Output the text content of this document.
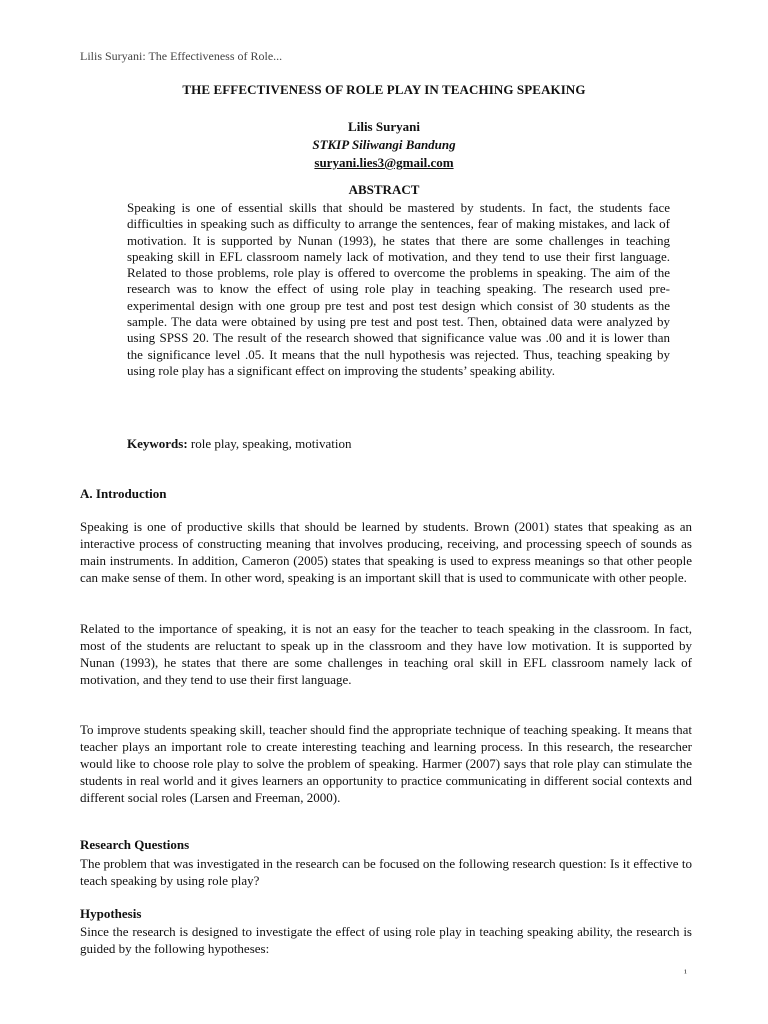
Lilis Suryani: The Effectiveness of Role...
THE EFFECTIVENESS OF ROLE PLAY IN TEACHING SPEAKING
Lilis Suryani
STKIP Siliwangi Bandung
suryani.lies3@gmail.com
ABSTRACT
Speaking is one of essential skills that should be mastered by students. In fact, the students face difficulties in speaking such as difficulty to arrange the sentences, fear of making mistakes, and lack of motivation. It is supported by Nunan (1993), he states that there are some challenges in teaching speaking skill in EFL classroom namely lack of motivation, and they tend to use their first language. Related to those problems, role play is offered to overcome the problems in speaking. The aim of the research was to know the effect of using role play in teaching speaking. The research used pre-experimental design with one group pre test and post test design which consist of 30 students as the sample. The data were obtained by using pre test and post test. Then, obtained data were analyzed by using SPSS 20. The result of the research showed that significance value was .00 and it is lower than the significance level .05. It means that the null hypothesis was rejected. Thus, teaching speaking by using role play has a significant effect on improving the students’ speaking ability.
Keywords: role play, speaking, motivation
A. Introduction
Speaking is one of productive skills that should be learned by students. Brown (2001) states that speaking as an interactive process of constructing meaning that involves producing, receiving, and processing speech of sounds as main instruments. In addition, Cameron (2005) states that speaking is used to express meanings so that other people can make sense of them. In other word, speaking is an important skill that is used to communicate with other people.
Related to the importance of speaking, it is not an easy for the teacher to teach speaking in the classroom. In fact, most of the students are reluctant to speak up in the classroom and they have low motivation. It is supported by Nunan (1993), he states that there are some challenges in teaching oral skill in EFL classroom namely lack of motivation, and they tend to use their first language.
To improve students speaking skill, teacher should find the appropriate technique of teaching speaking. It means that teacher plays an important role to create interesting teaching and learning process. In this research, the researcher would like to choose role play to solve the problem of speaking. Harmer (2007) says that role play can stimulate the students in real world and it gives learners an opportunity to practice communicating in different social contexts and different social roles (Larsen and Freeman, 2000).
Research Questions
The problem that was investigated in the research can be focused on the following research question: Is it effective to teach speaking by using role play?
Hypothesis
Since the research is designed to investigate the effect of using role play in teaching speaking ability, the research is guided by the following hypotheses:
¹
